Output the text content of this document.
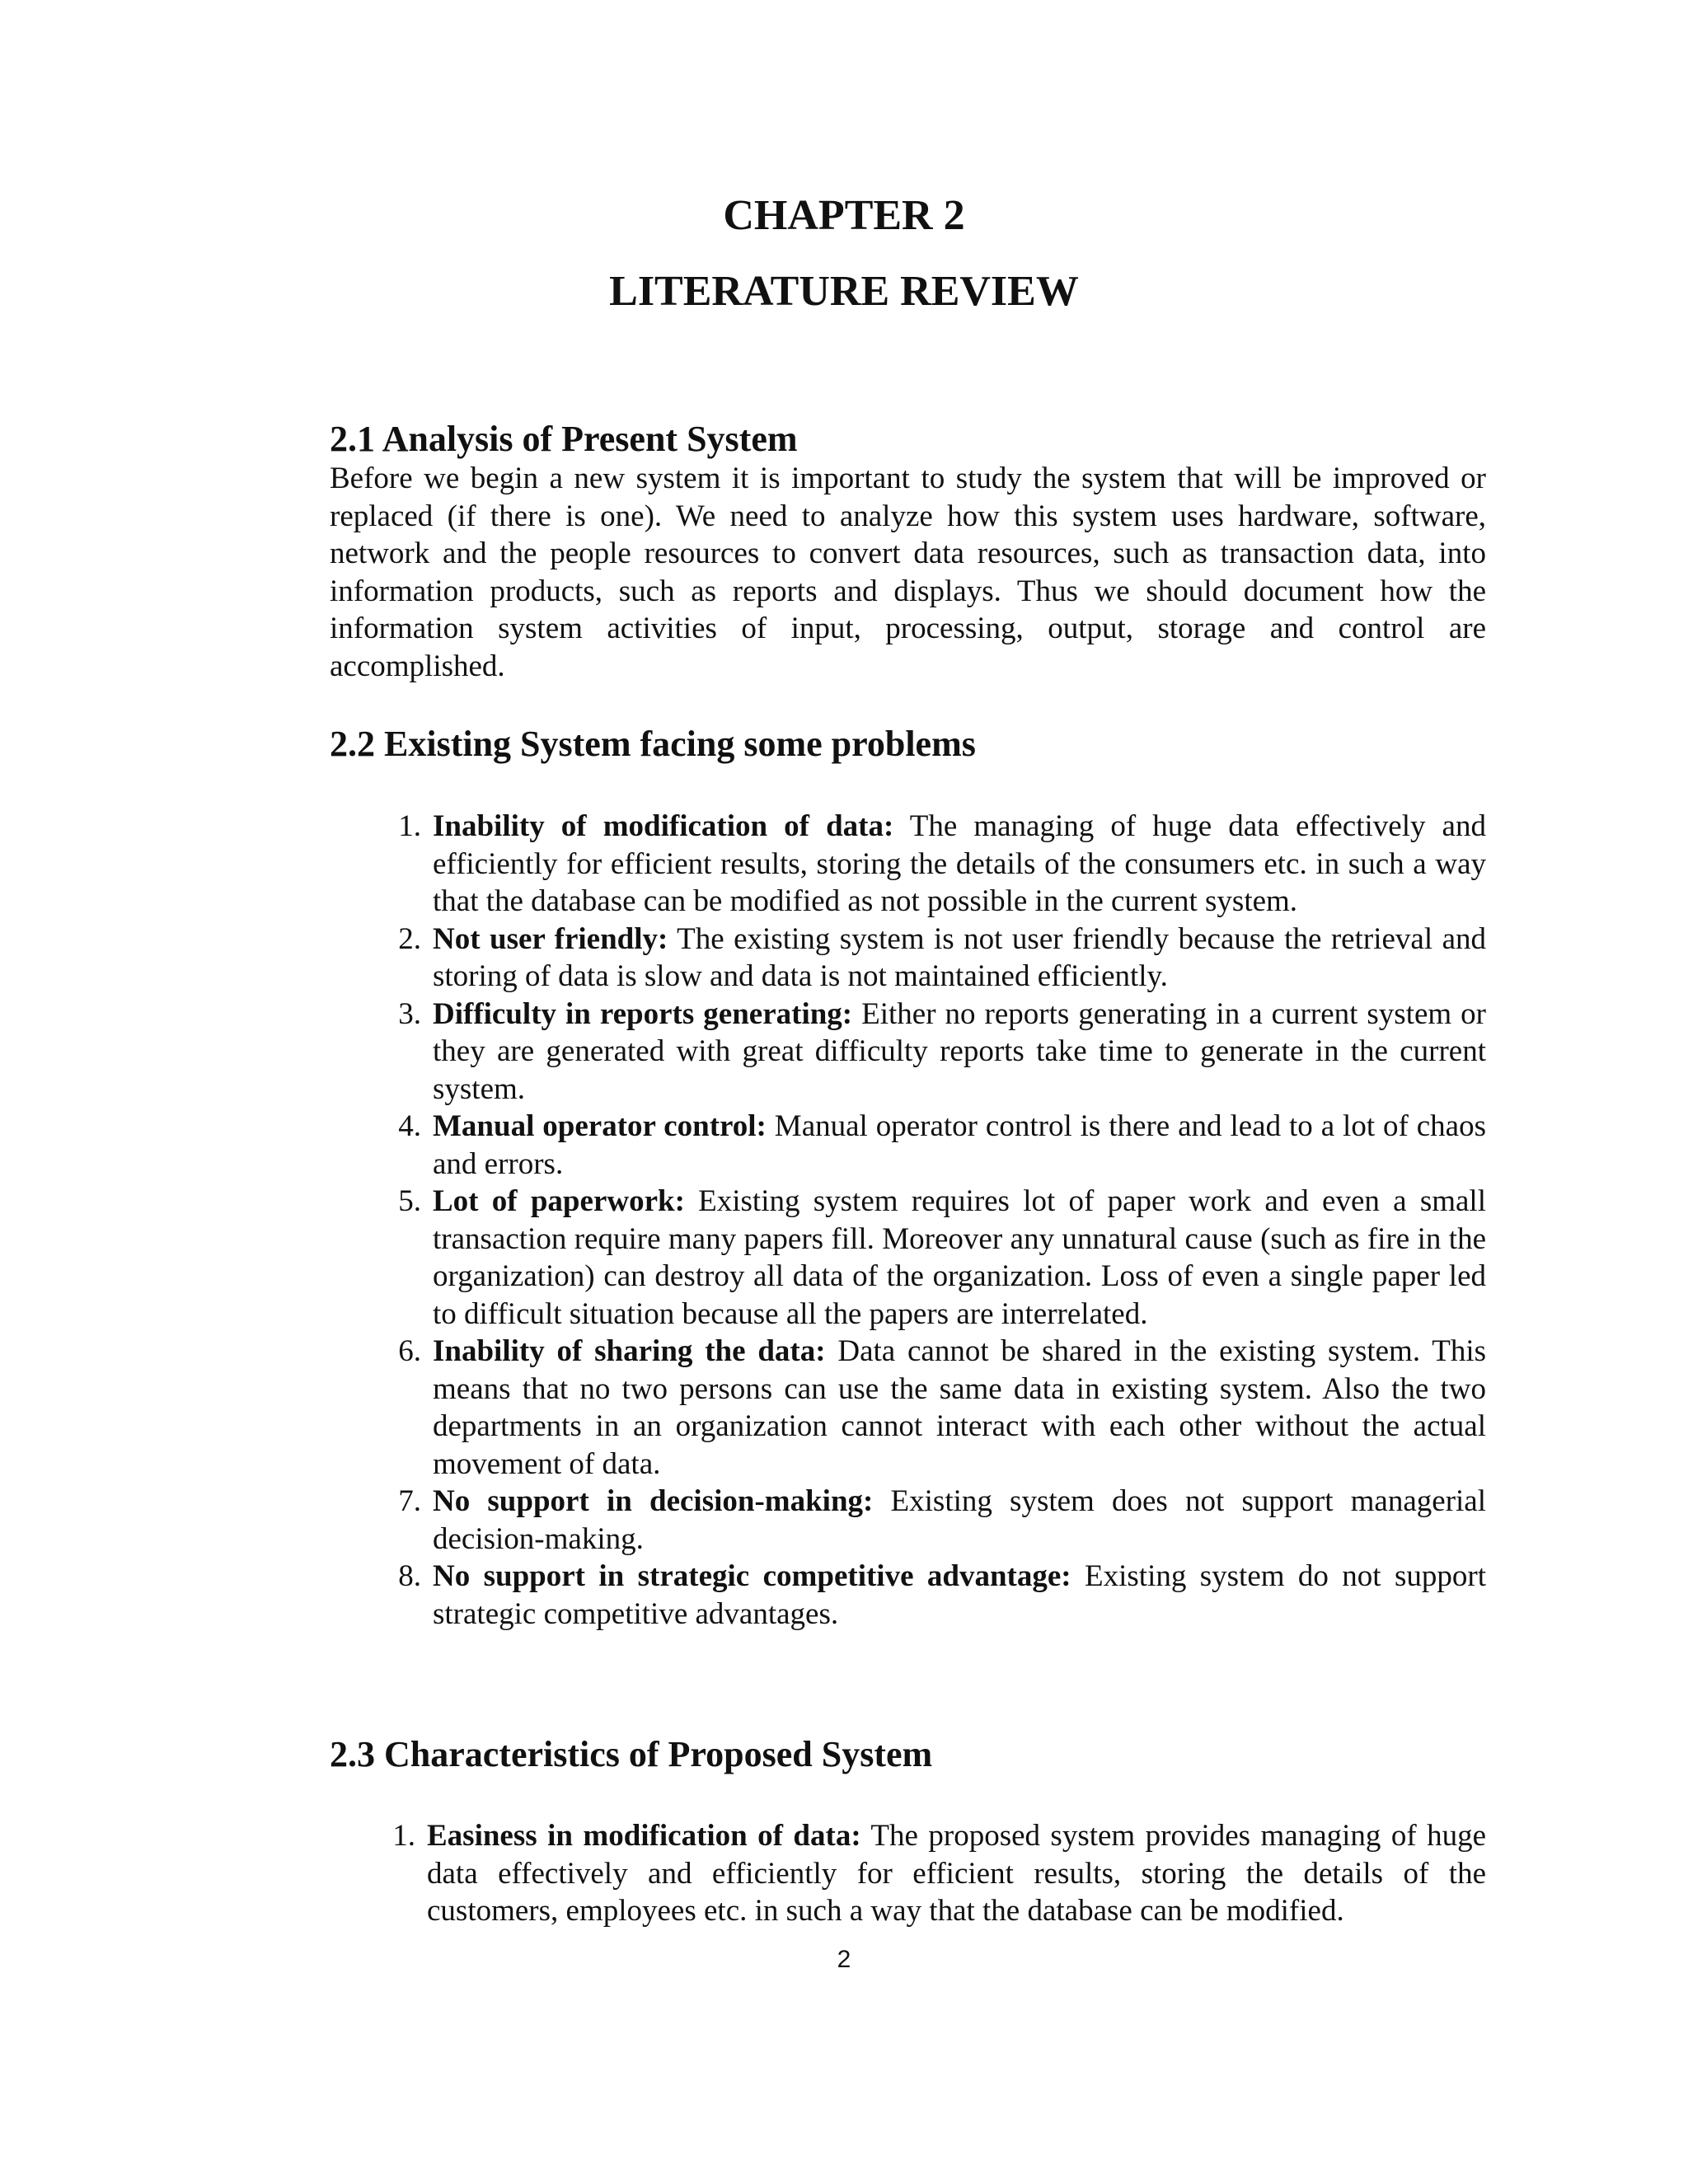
CHAPTER 2
LITERATURE REVIEW
2.1 Analysis of Present System

Before we begin a new system it is important to study the system that will be improved or replaced (if there is one). We need to analyze how this system uses hardware, software, network and the people resources to convert data resources, such as transaction data, into information products, such as reports and displays. Thus we should document how the information system activities of input, processing, output, storage and control are accomplished.

2.2 Existing System facing some problems
1. Inability of modification of data: The managing of huge data effectively and efficiently for efficient results, storing the details of the consumers etc. in such a way that the database can be modified as not possible in the current system.
2. Not user friendly: The existing system is not user friendly because the retrieval and storing of data is slow and data is not maintained efficiently.
3. Difficulty in reports generating: Either no reports generating in a current system or they are generated with great difficulty reports take time to generate in the current system.
4. Manual operator control: Manual operator control is there and lead to a lot of chaos and errors.
5. Lot of paperwork: Existing system requires lot of paper work and even a small transaction require many papers fill. Moreover any unnatural cause (such as fire in the organization) can destroy all data of the organization. Loss of even a single paper led to difficult situation because all the papers are interrelated.
6. Inability of sharing the data: Data cannot be shared in the existing system. This means that no two persons can use the same data in existing system. Also the two departments in an organization cannot interact with each other without the actual movement of data.
7. No support in decision-making: Existing system does not support managerial decision-making.
8. No support in strategic competitive advantage: Existing system do not support strategic competitive advantages.
2.3 Characteristics of Proposed System
1. Easiness in modification of data: The proposed system provides managing of huge data effectively and efficiently for efficient results, storing the details of the customers, employees etc. in such a way that the database can be modified.
2
